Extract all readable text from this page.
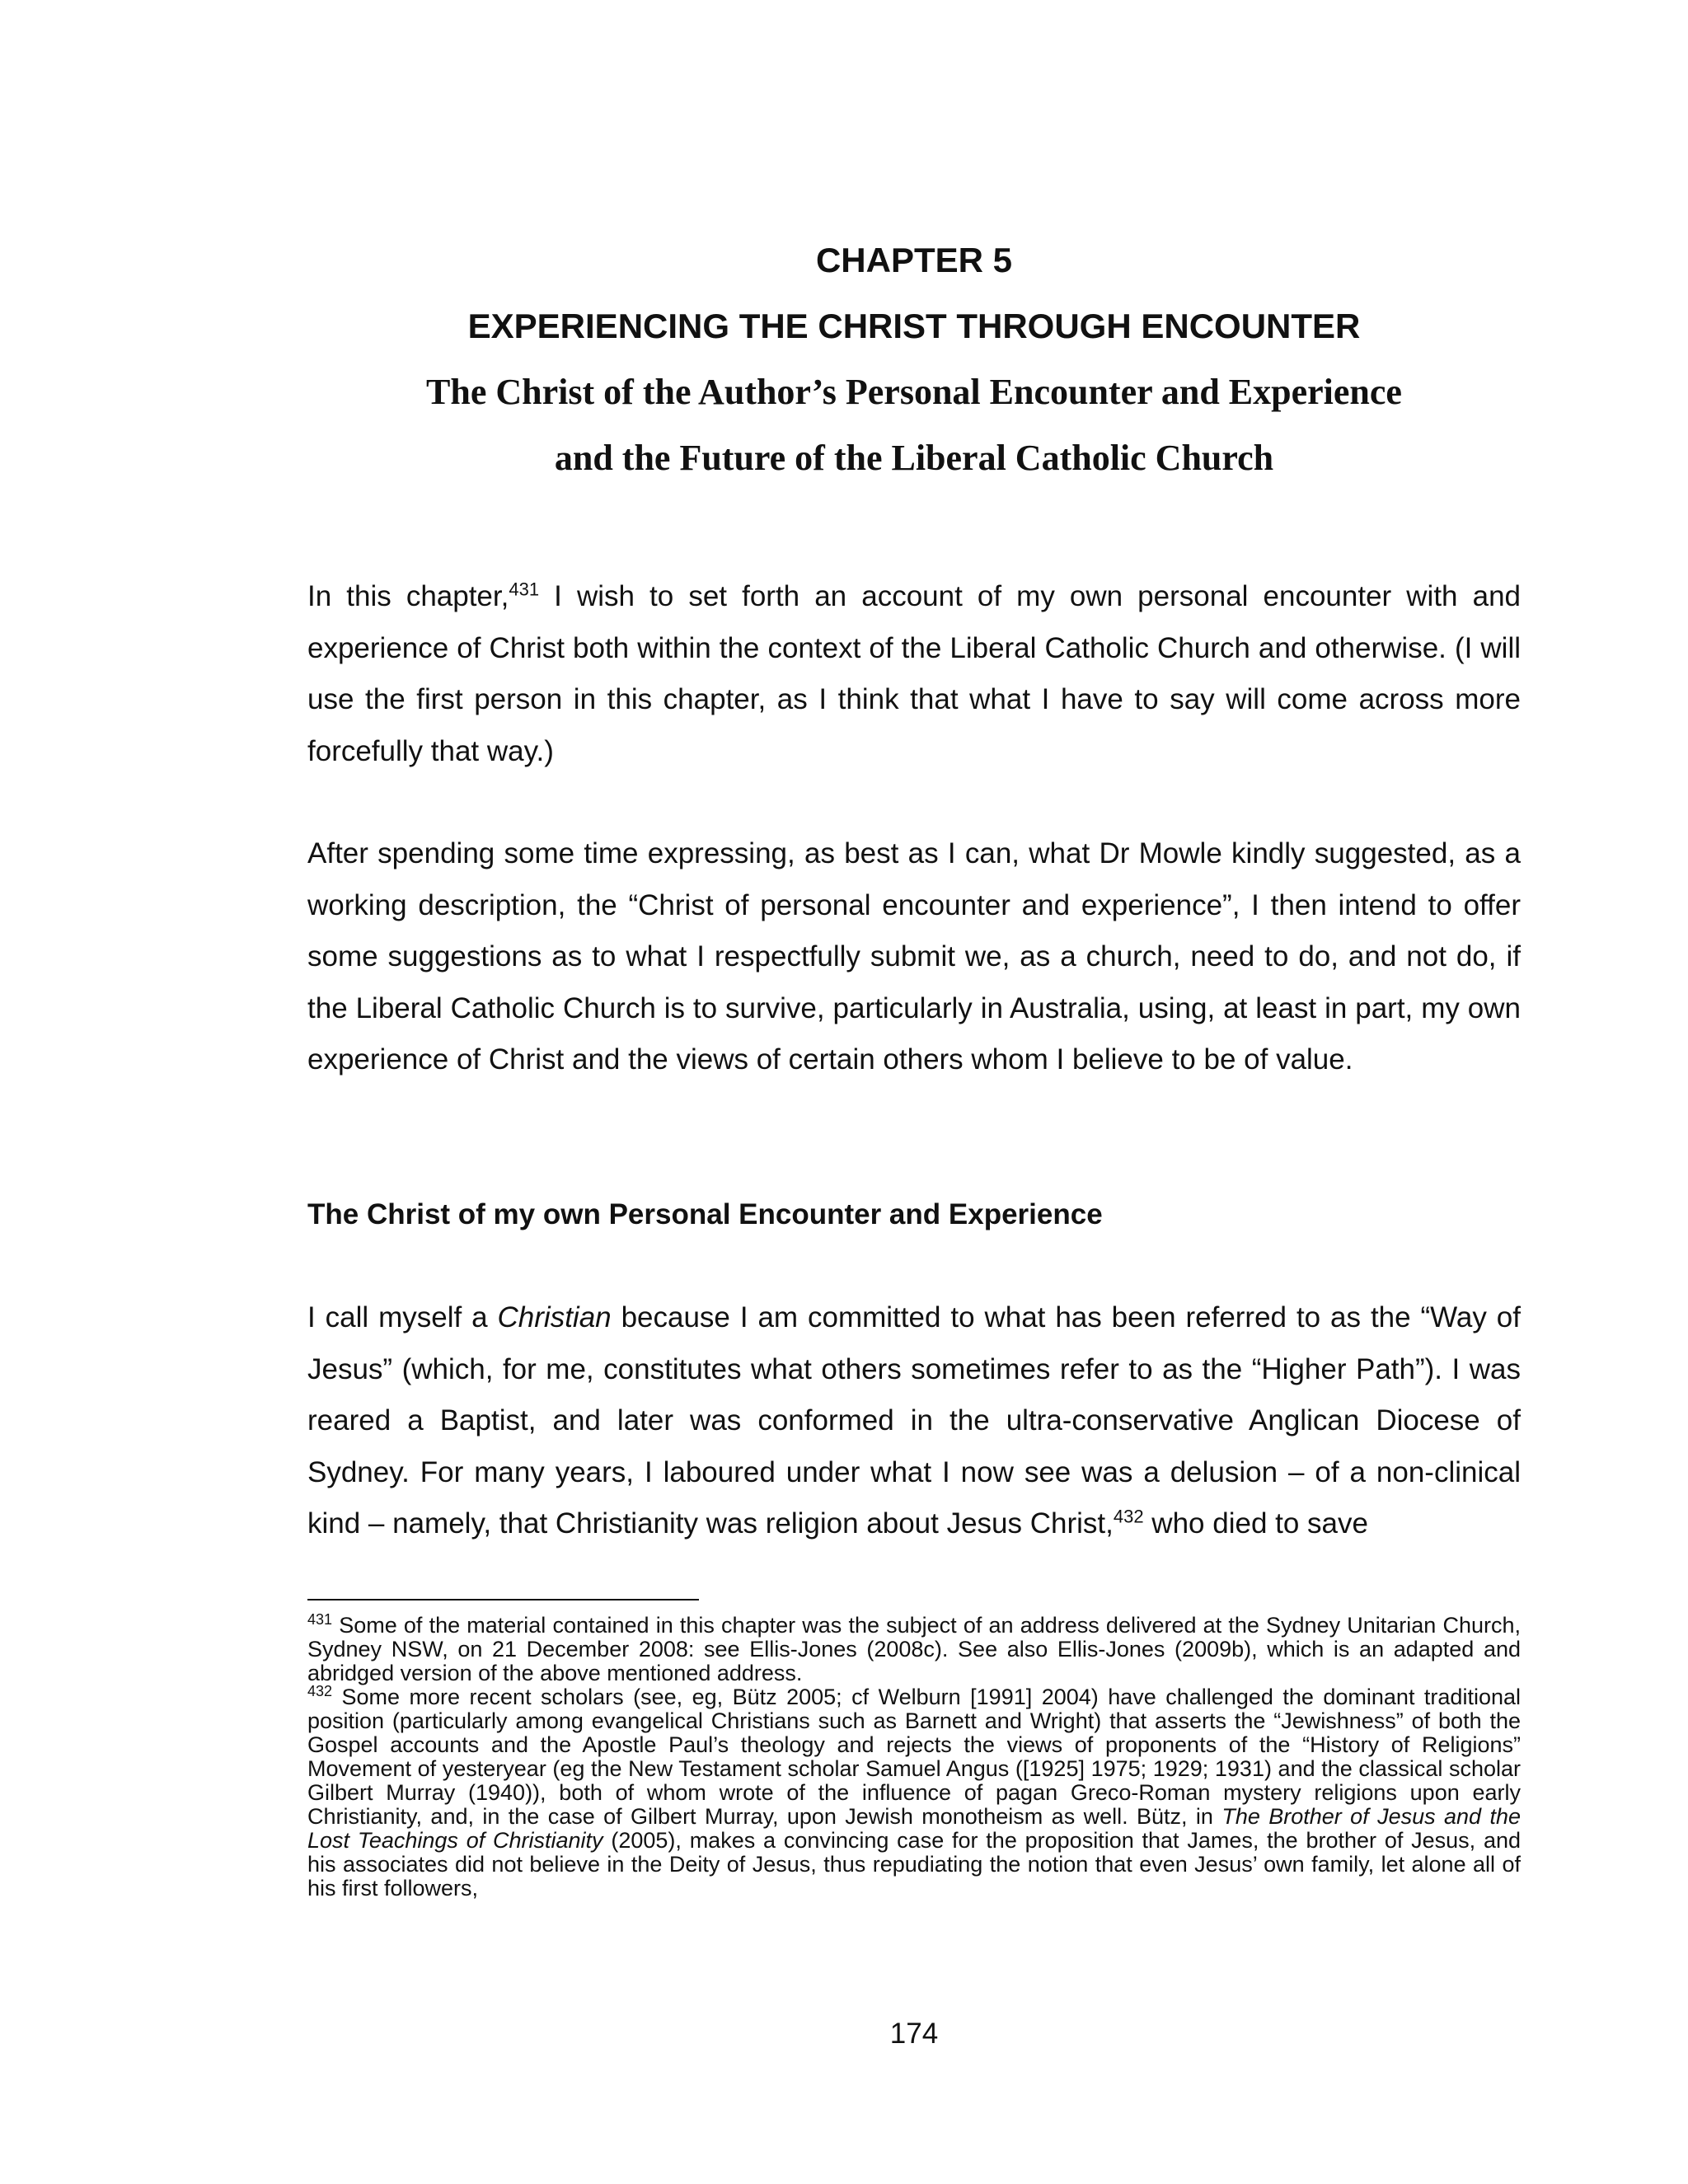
CHAPTER 5

EXPERIENCING THE CHRIST THROUGH ENCOUNTER

The Christ of the Author’s Personal Encounter and Experience

and the Future of the Liberal Catholic Church

In this chapter,$^{431}$ I wish to set forth an account of my own personal encounter with and experience of Christ both within the context of the Liberal Catholic Church and otherwise. (I will use the first person in this chapter, as I think that what I have to say will come across more forcefully that way.)

After spending some time expressing, as best as I can, what Dr Mowle kindly suggested, as a working description, the “Christ of personal encounter and experience”, I then intend to offer some suggestions as to what I respectfully submit we, as a church, need to do, and not do, if the Liberal Catholic Church is to survive, particularly in Australia, using, at least in part, my own experience of Christ and the views of certain others whom I believe to be of value.

The Christ of my own Personal Encounter and Experience

I call myself a Christian because I am committed to what has been referred to as the “Way of Jesus” (which, for me, constitutes what others sometimes refer to as the “Higher Path”). I was reared a Baptist, and later was conformed in the ultra-conservative Anglican Diocese of Sydney. For many years, I laboured under what I now see was a delusion – of a non-clinical kind – namely, that Christianity was religion about Jesus Christ,$^{432}$ who died to save

$^{431}$ Some of the material contained in this chapter was the subject of an address delivered at the Sydney Unitarian Church, Sydney NSW, on 21 December 2008: see Ellis-Jones (2008c). See also Ellis-Jones (2009b), which is an adapted and abridged version of the above mentioned address.

$^{432}$ Some more recent scholars (see, eg, Bütz 2005; cf Welburn [1991] 2004) have challenged the dominant traditional position (particularly among evangelical Christians such as Barnett and Wright) that asserts the “Jewishness” of both the Gospel accounts and the Apostle Paul’s theology and rejects the views of proponents of the “History of Religions” Movement of yesteryear (eg the New Testament scholar Samuel Angus ([1925] 1975; 1929; 1931) and the classical scholar Gilbert Murray (1940)), both of whom wrote of the influence of pagan Greco-Roman mystery religions upon early Christianity, and, in the case of Gilbert Murray, upon Jewish monotheism as well. Bütz, in The Brother of Jesus and the Lost Teachings of Christianity (2005), makes a convincing case for the proposition that James, the brother of Jesus, and his associates did not believe in the Deity of Jesus, thus repudiating the notion that even Jesus’ own family, let alone all of his first followers,

174
